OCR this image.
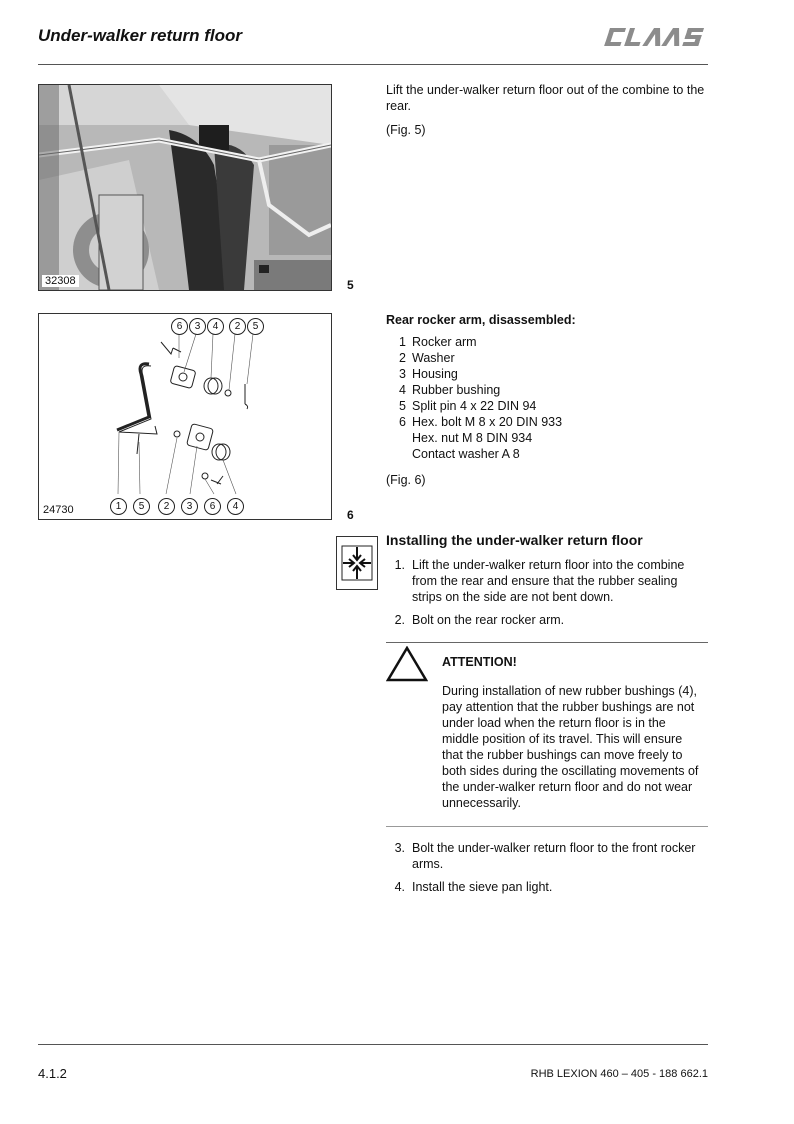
Under-walker return floor
32308	5
Lift the under-walker return floor out of the combine to the rear.
(Fig. 5)
6	3	4	2	5
1	5	2	3	6	4
24730	6
Rear rocker arm, disassembled:
1 Rocker arm
2 Washer
3 Housing
4 Rubber bushing
5 Split pin 4 x 22 DIN 94
6 Hex. bolt M 8 x 20 DIN 933
Hex. nut M 8 DIN 934
Contact washer A 8
(Fig. 6)
Installing the under-walker return floor
1. Lift the under-walker return floor into the combine from the rear and ensure that the rubber sealing strips on the side are not bent down.
2. Bolt on the rear rocker arm.
ATTENTION!
During installation of new rubber bushings (4), pay attention that the rubber bushings are not under load when the return floor is in the middle position of its travel. This will ensure that the rubber bushings can move freely to both sides during the oscillating movements of the under-walker return floor and do not wear unnecessarily.
3. Bolt the under-walker return floor to the front rocker arms.
4. Install the sieve pan light.
4.1.2	RHB LEXION 460 – 405 - 188 662.1
